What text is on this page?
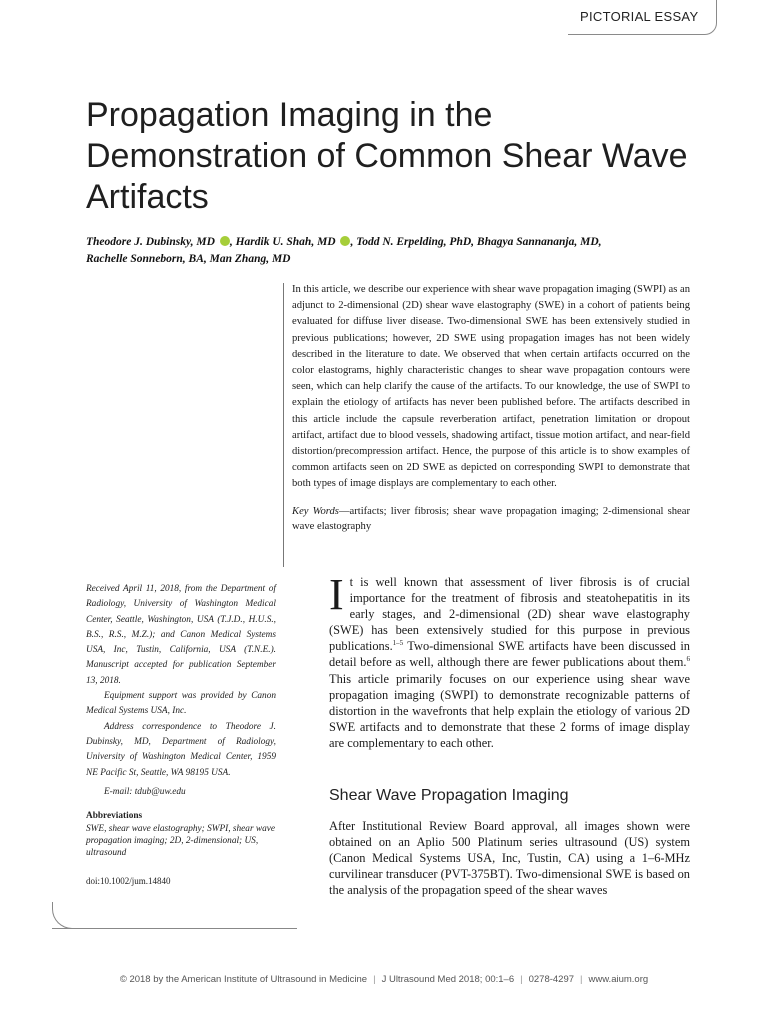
PICTORIAL ESSAY
Propagation Imaging in the Demonstration of Common Shear Wave Artifacts

Theodore J. Dubinsky, MD , Hardik U. Shah, MD , Todd N. Erpelding, PhD, Bhagya Sannananja, MD,
Rachelle Sonneborn, BA, Man Zhang, MD

In this article, we describe our experience with shear wave propagation imaging (SWPI) as an adjunct to 2-dimensional (2D) shear wave elastography (SWE) in a cohort of patients being evaluated for diffuse liver disease. Two-dimensional SWE has been extensively studied in previous publications; however, 2D SWE using propagation images has not been widely described in the literature to date. We observed that when certain artifacts occurred on the color elastograms, highly characteristic changes to shear wave propagation contours were seen, which can help clarify the cause of the artifacts. To our knowledge, the use of SWPI to explain the etiology of artifacts has never been published before. The artifacts described in this article include the capsule reverberation artifact, penetration limitation or dropout artifact, artifact due to blood vessels, shadowing artifact, tissue motion artifact, and near-field distortion/precompression artifact. Hence, the purpose of this article is to show examples of common artifacts seen on 2D SWE as depicted on corresponding SWPI to demonstrate that both types of image displays are complementary to each other.

Key Words—artifacts; liver fibrosis; shear wave propagation imaging; 2-dimensional shear wave elastography

Received April 11, 2018, from the Department of Radiology, University of Washington Medical Center, Seattle, Washington, USA (T.J.D., H.U.S., B.S., R.S., M.Z.); and Canon Medical Systems USA, Inc, Tustin, California, USA (T.N.E.). Manuscript accepted for publication September 13, 2018.

Equipment support was provided by Canon Medical Systems USA, Inc.

Address correspondence to Theodore J. Dubinsky, MD, Department of Radiology, University of Washington Medical Center, 1959 NE Pacific St, Seattle, WA 98195 USA.

E-mail: tdub@uw.edu

Abbreviations

SWE, shear wave elastography; SWPI, shear wave propagation imaging; 2D, 2-dimensional; US, ultrasound

doi:10.1002/jum.14840

It is well known that assessment of liver fibrosis is of crucial importance for the treatment of fibrosis and steatohepatitis in its early stages, and 2-dimensional (2D) shear wave elastography (SWE) has been extensively studied for this purpose in previous publications.$^{1-5}$ Two-dimensional SWE artifacts have been discussed in detail before as well, although there are fewer publications about them.$^6$ This article primarily focuses on our experience using shear wave propagation imaging (SWPI) to demonstrate recognizable patterns of distortion in the wavefronts that help explain the etiology of various 2D SWE artifacts and to demonstrate that these 2 forms of image display are complementary to each other.

Shear Wave Propagation Imaging

After Institutional Review Board approval, all images shown were obtained on an Aplio 500 Platinum series ultrasound (US) system (Canon Medical Systems USA, Inc, Tustin, CA) using a 1–6-MHz curvilinear transducer (PVT-375BT). Two-dimensional SWE is based on the analysis of the propagation speed of the shear waves

© 2018 by the American Institute of Ultrasound in Medicine | J Ultrasound Med 2018; 00:1–6 | 0278-4297 | www.aium.org
